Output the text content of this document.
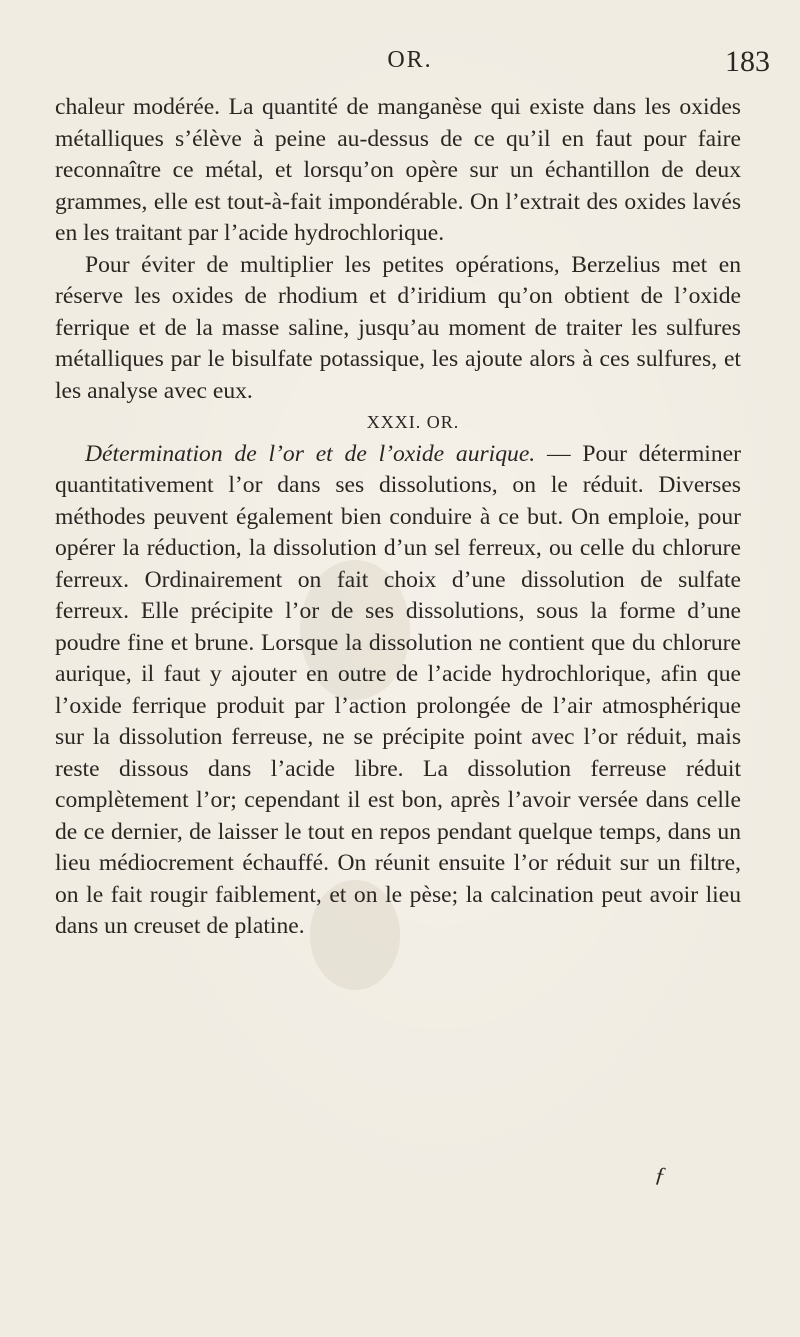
OR.	183

chaleur modérée. La quantité de manganèse qui existe dans les oxides métalliques s’élève à peine au-dessus de ce qu’il en faut pour faire reconnaître ce métal, et lorsqu’on opère sur un échantillon de deux grammes, elle est tout-à-fait impondérable. On l’extrait des oxides lavés en les traitant par l’acide hydrochlorique.

Pour éviter de multiplier les petites opérations, Berzelius met en réserve les oxides de rhodium et d’iridium qu’on obtient de l’oxide ferrique et de la masse saline, jusqu’au moment de traiter les sulfures métalliques par le bisulfate potassique, les ajoute alors à ces sulfures, et les analyse avec eux.

XXXI. OR.

Détermination de l’or et de l’oxide aurique. — Pour déterminer quantitativement l’or dans ses dissolutions, on le réduit. Diverses méthodes peuvent également bien conduire à ce but. On emploie, pour opérer la réduction, la dissolution d’un sel ferreux, ou celle du chlorure ferreux. Ordinairement on fait choix d’une dissolution de sulfate ferreux. Elle précipite l’or de ses dissolutions, sous la forme d’une poudre fine et brune. Lorsque la dissolution ne contient que du chlorure aurique, il faut y ajouter en outre de l’acide hydrochlorique, afin que l’oxide ferrique produit par l’action prolongée de l’air atmosphérique sur la dissolution ferreuse, ne se précipite point avec l’or réduit, mais reste dissous dans l’acide libre. La dissolution ferreuse réduit complètement l’or; cependant il est bon, après l’avoir versée dans celle de ce dernier, de laisser le tout en repos pendant quelque temps, dans un lieu médiocrement échauffé. On réunit ensuite l’or réduit sur un filtre, on le fait rougir faiblement, et on le pèse; la calcination peut avoir lieu dans un creuset de platine.

ƒ
